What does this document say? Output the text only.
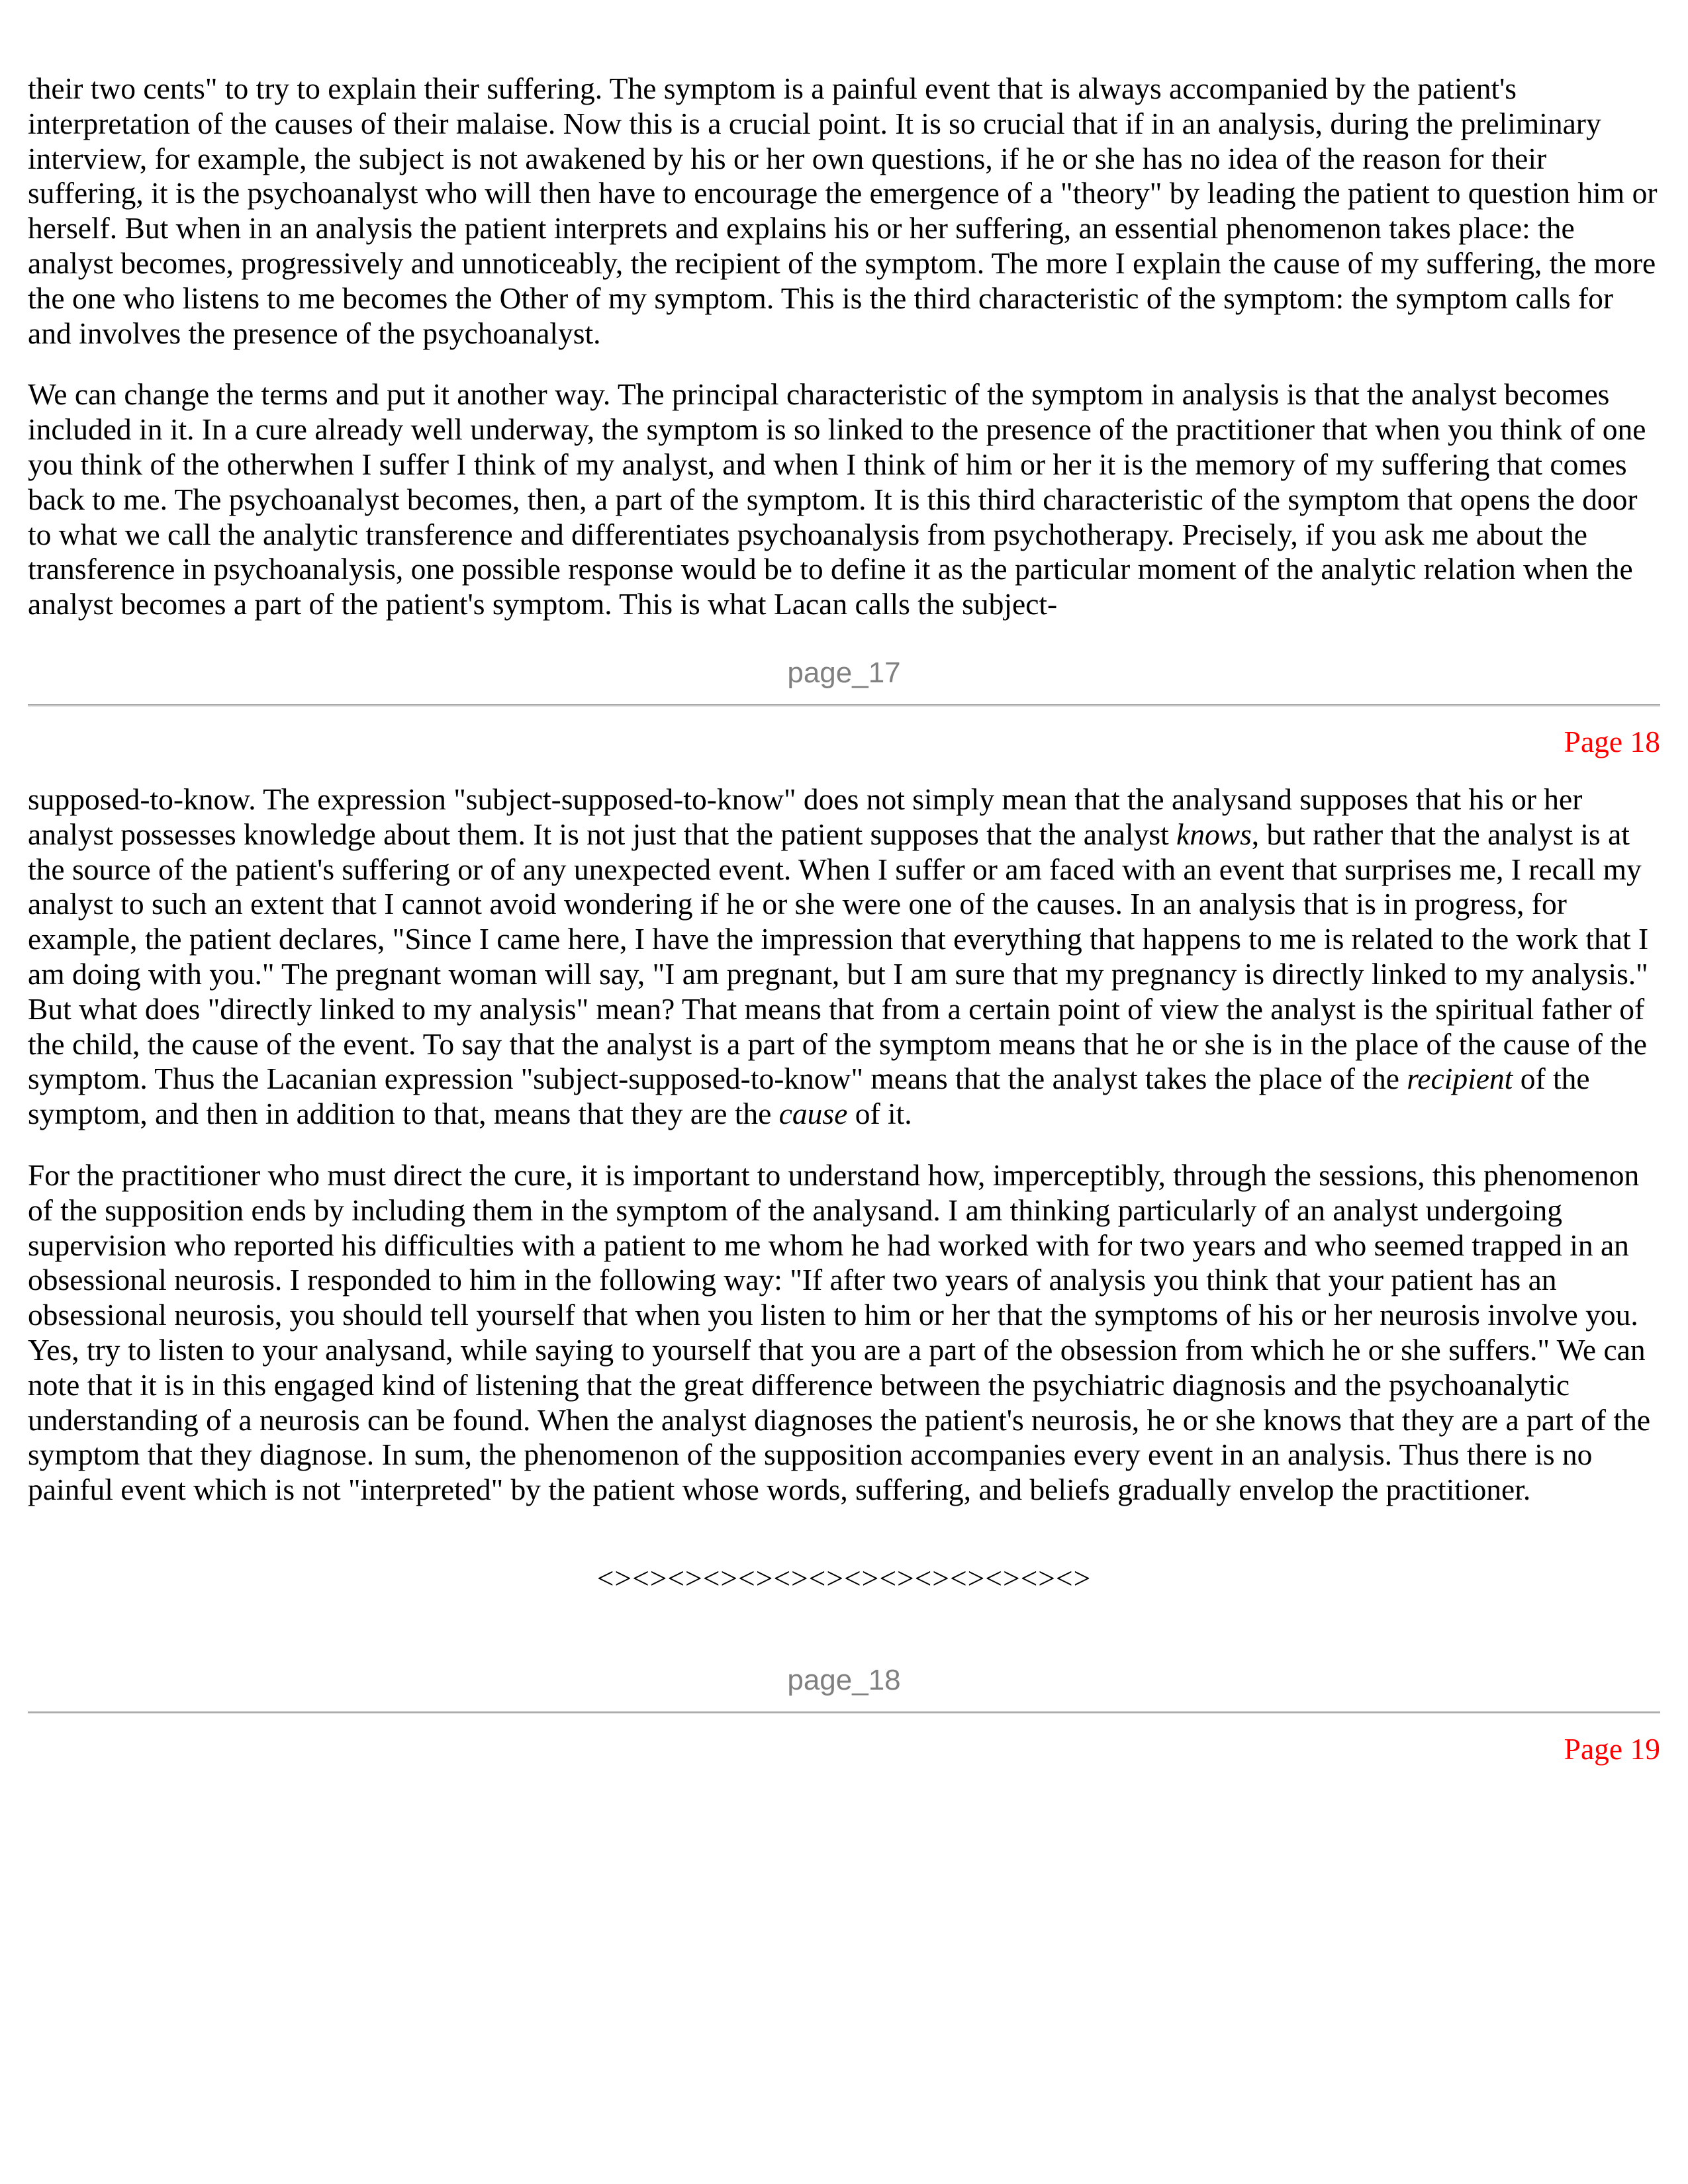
their two cents" to try to explain their suffering. The symptom is a painful event that is always accompanied by the patient's interpretation of the causes of their malaise. Now this is a crucial point. It is so crucial that if in an analysis, during the preliminary interview, for example, the subject is not awakened by his or her own questions, if he or she has no idea of the reason for their suffering, it is the psychoanalyst who will then have to encourage the emergence of a "theory" by leading the patient to question him or herself. But when in an analysis the patient interprets and explains his or her suffering, an essential phenomenon takes place: the analyst becomes, progressively and unnoticeably, the recipient of the symptom. The more I explain the cause of my suffering, the more the one who listens to me becomes the Other of my symptom. This is the third characteristic of the symptom: the symptom calls for and involves the presence of the psychoanalyst.

We can change the terms and put it another way. The principal characteristic of the symptom in analysis is that the analyst becomes included in it. In a cure already well underway, the symptom is so linked to the presence of the practitioner that when you think of one you think of the otherwhen I suffer I think of my analyst, and when I think of him or her it is the memory of my suffering that comes back to me. The psychoanalyst becomes, then, a part of the symptom. It is this third characteristic of the symptom that opens the door to what we call the analytic transference and differentiates psychoanalysis from psychotherapy. Precisely, if you ask me about the transference in psychoanalysis, one possible response would be to define it as the particular moment of the analytic relation when the analyst becomes a part of the patient's symptom. This is what Lacan calls the subject-

page_17
Page 18

supposed-to-know. The expression "subject-supposed-to-know" does not simply mean that the analysand supposes that his or her analyst possesses knowledge about them. It is not just that the patient supposes that the analyst knows, but rather that the analyst is at the source of the patient's suffering or of any unexpected event. When I suffer or am faced with an event that surprises me, I recall my analyst to such an extent that I cannot avoid wondering if he or she were one of the causes. In an analysis that is in progress, for example, the patient declares, "Since I came here, I have the impression that everything that happens to me is related to the work that I am doing with you." The pregnant woman will say, "I am pregnant, but I am sure that my pregnancy is directly linked to my analysis." But what does "directly linked to my analysis" mean? That means that from a certain point of view the analyst is the spiritual father of the child, the cause of the event. To say that the analyst is a part of the symptom means that he or she is in the place of the cause of the symptom. Thus the Lacanian expression "subject-supposed-to-know" means that the analyst takes the place of the recipient of the symptom, and then in addition to that, means that they are the cause of it.

For the practitioner who must direct the cure, it is important to understand how, imperceptibly, through the sessions, this phenomenon of the supposition ends by including them in the symptom of the analysand. I am thinking particularly of an analyst undergoing supervision who reported his difficulties with a patient to me whom he had worked with for two years and who seemed trapped in an obsessional neurosis. I responded to him in the following way: "If after two years of analysis you think that your patient has an obsessional neurosis, you should tell yourself that when you listen to him or her that the symptoms of his or her neurosis involve you. Yes, try to listen to your analysand, while saying to yourself that you are a part of the obsession from which he or she suffers." We can note that it is in this engaged kind of listening that the great difference between the psychiatric diagnosis and the psychoanalytic understanding of a neurosis can be found. When the analyst diagnoses the patient's neurosis, he or she knows that they are a part of the symptom that they diagnose. In sum, the phenomenon of the supposition accompanies every event in an analysis. Thus there is no painful event which is not "interpreted" by the patient whose words, suffering, and beliefs gradually envelop the practitioner.

<><><><><><><><><><><><><><>
page_18
Page 19
